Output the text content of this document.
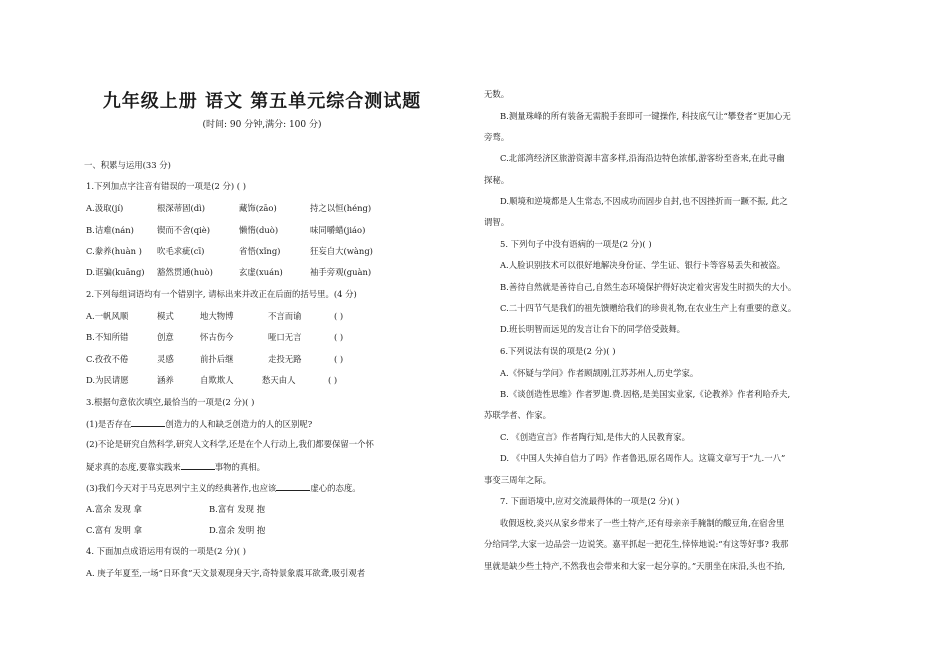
九年级上册 语文 第五单元综合测试题
(时间: 90 分钟,满分: 100 分)
一、积累与运用(33 分)
1.下列加点字注音有错误的一项是(2 分) ( )
A.汲取(jí)	根深蒂固(dì)	藏饰(zāo)	持之以恒(héng)
B.诘难(nán)	锲而不舍(qiè)	懒惰(duò)	味同嚼蜡(jiáo)
C.豢养(huàn ) 吹毛求疵(cī)	省悟(xǐng)	狂妄自大(wàng)
D.诓骗(kuāng) 豁然贯通(huò)	玄虚(xuán)	袖手旁观(guàn)
2.下列每组词语均有一个错别字, 请标出来并改正在后面的括号里。(4 分)
A.一帆风顺	模式	地大物博	不言而谕	( )
B.不知所错	创意	怀古伤今	哑口无言	( )
C.孜孜不倦	灵感	前扑后继	走投无路	( )
D.为民请愿	涵养	自欺欺人	愁天由人	( )
3.根据句意依次填空,最恰当的一项是(2 分)( )
(1)是否存在	创造力的人和缺乏创造力的人的区别呢?
(2)不论是研究自然科学,研究人文科学,还是在个人行动上,我们都要保留一个怀
疑求真的态度,要靠实践来	事物的真相。
(3)我们今天对于马克思列宁主义的经典著作,也应该	虚心的态度。
A.富余 发现 拿	B.富有 发现 抱
C.富有 发明 拿	D.富余 发明 抱
4. 下面加点成语运用有误的一项是(2 分)( )
A. 庚子年夏至,一场“日环食”天文景观现身天宇,奇特景象震耳欲聋,吸引观者
无数。
B.测量珠峰的所有装备无需脱手套即可一键操作, 科技底气让“攀登者”更加心无
旁骛。
C.北部湾经济区旅游资源丰富多样,沿海沿边特色浓郁,游客纷至沓来,在此寻幽
探秘。
D.顺境和逆境都是人生常态,不因成功而固步自封,也不因挫折而一蹶不振, 此之
谓智。
5. 下列句子中没有语病的一项是(2 分)( )
A.人脸识别技术可以很好地解决身份证、学生证、银行卡等容易丢失和被盗。
B.善待自然就是善待自己,自然生态环境保护得好决定着灾害发生时损失的大小。
C.二十四节气是我们的祖先馈赠给我们的珍贵礼物,在农业生产上有重要的意义。
D.班长明智而远见的发言让台下的同学倍受鼓舞。
6.下列说法有误的项是(2 分)( )
A.《怀疑与学问》作者顾颉刚,江苏苏州人,历史学家。
B.《谈创造性思维》作者罗迦.费.因格,是美国实业家,《论教养》作者利哈乔夫,
苏联学者、作家。
C. 《创造宣言》作者陶行知,是伟大的人民教育家。
D. 《中国人失掉自信力了吗》作者鲁迅,原名周作人。这篇文章写于“九.一八”
事变三周年之际。
7. 下面语境中,应对交流最得体的一项是(2 分)( )
收假返校,炎兴从家乡带来了一些土特产,还有母亲亲手腌制的酸豆角,在宿舍里
分给同学,大家一边品尝一边说笑。嘉平抓起一把花生,悻悻地说:“有这等好事? 我那
里就是缺少些土特产,不然我也会带来和大家一起分享的。”天朋坐在床沿,头也不抬,
